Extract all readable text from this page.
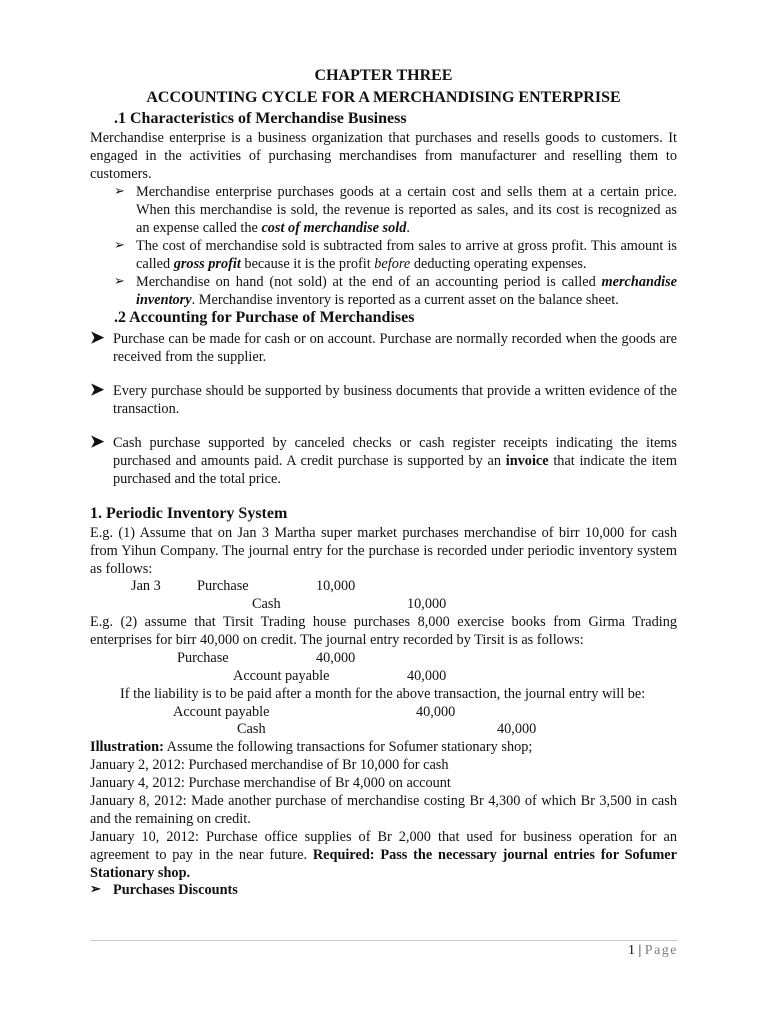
CHAPTER THREE
ACCOUNTING CYCLE FOR A MERCHANDISING ENTERPRISE
.1 Characteristics of Merchandise Business
Merchandise enterprise is a business organization that purchases and resells goods to customers. It engaged in the activities of purchasing merchandises from manufacturer and reselling them to customers.
➢ Merchandise enterprise purchases goods at a certain cost and sells them at a certain price. When this merchandise is sold, the revenue is reported as sales, and its cost is recognized as an expense called the cost of merchandise sold.
➢ The cost of merchandise sold is subtracted from sales to arrive at gross profit. This amount is called gross profit because it is the profit before deducting operating expenses.
➢ Merchandise on hand (not sold) at the end of an accounting period is called merchandise inventory. Merchandise inventory is reported as a current asset on the balance sheet.
.2 Accounting for Purchase of Merchandises
➤ Purchase can be made for cash or on account. Purchase are normally recorded when the goods are received from the supplier.
➤ Every purchase should be supported by business documents that provide a written evidence of the transaction.
➤ Cash purchase supported by canceled checks or cash register receipts indicating the items purchased and amounts paid. A credit purchase is supported by an invoice that indicate the item purchased and the total price.
1. Periodic Inventory System
E.g. (1) Assume that on Jan 3 Martha super market purchases merchandise of birr 10,000 for cash from Yihun Company. The journal entry for the purchase is recorded under periodic inventory system as follows:
Jan 3	Purchase	10,000
Cash	10,000
E.g. (2) assume that Tirsit Trading house purchases 8,000 exercise books from Girma Trading enterprises for birr 40,000 on credit. The journal entry recorded by Tirsit is as follows:
Purchase	40,000
Account payable	40,000
If the liability is to be paid after a month for the above transaction, the journal entry will be:
Account payable	40,000
Cash	40,000
Illustration: Assume the following transactions for Sofumer stationary shop;
January 2, 2012: Purchased merchandise of Br 10,000 for cash
January 4, 2012: Purchase merchandise of Br 4,000 on account
January 8, 2012: Made another purchase of merchandise costing Br 4,300 of which Br 3,500 in cash and the remaining on credit.
January 10, 2012: Purchase office supplies of Br 2,000 that used for business operation for an agreement to pay in the near future. Required: Pass the necessary journal entries for Sofumer Stationary shop.
➢ Purchases Discounts
1 | Page
